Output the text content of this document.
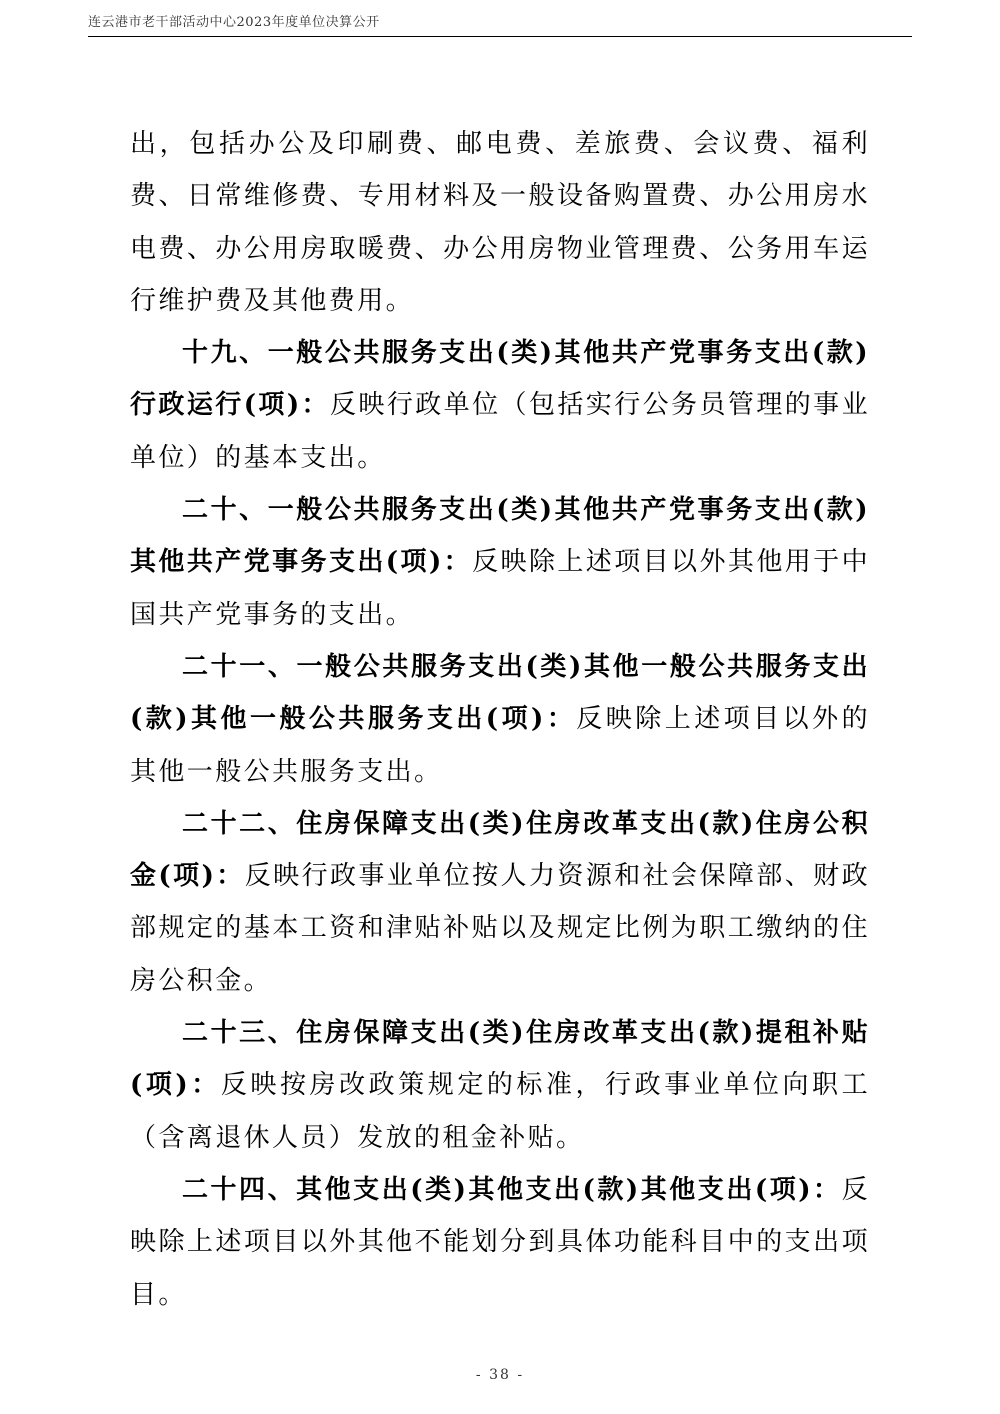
连云港市老干部活动中心2023年度单位决算公开

出，包括办公及印刷费、邮电费、差旅费、会议费、福利费、日常维修费、专用材料及一般设备购置费、办公用房水电费、办公用房取暖费、办公用房物业管理费、公务用车运行维护费及其他费用。

十九、一般公共服务支出(类)其他共产党事务支出(款)行政运行(项)：反映行政单位（包括实行公务员管理的事业单位）的基本支出。

二十、一般公共服务支出(类)其他共产党事务支出(款)其他共产党事务支出(项)：反映除上述项目以外其他用于中国共产党事务的支出。

二十一、一般公共服务支出(类)其他一般公共服务支出(款)其他一般公共服务支出(项)：反映除上述项目以外的其他一般公共服务支出。

二十二、住房保障支出(类)住房改革支出(款)住房公积金(项)：反映行政事业单位按人力资源和社会保障部、财政部规定的基本工资和津贴补贴以及规定比例为职工缴纳的住房公积金。

二十三、住房保障支出(类)住房改革支出(款)提租补贴(项)：反映按房改政策规定的标准，行政事业单位向职工（含离退休人员）发放的租金补贴。

二十四、其他支出(类)其他支出(款)其他支出(项)：反映除上述项目以外其他不能划分到具体功能科目中的支出项目。

- 38 -
